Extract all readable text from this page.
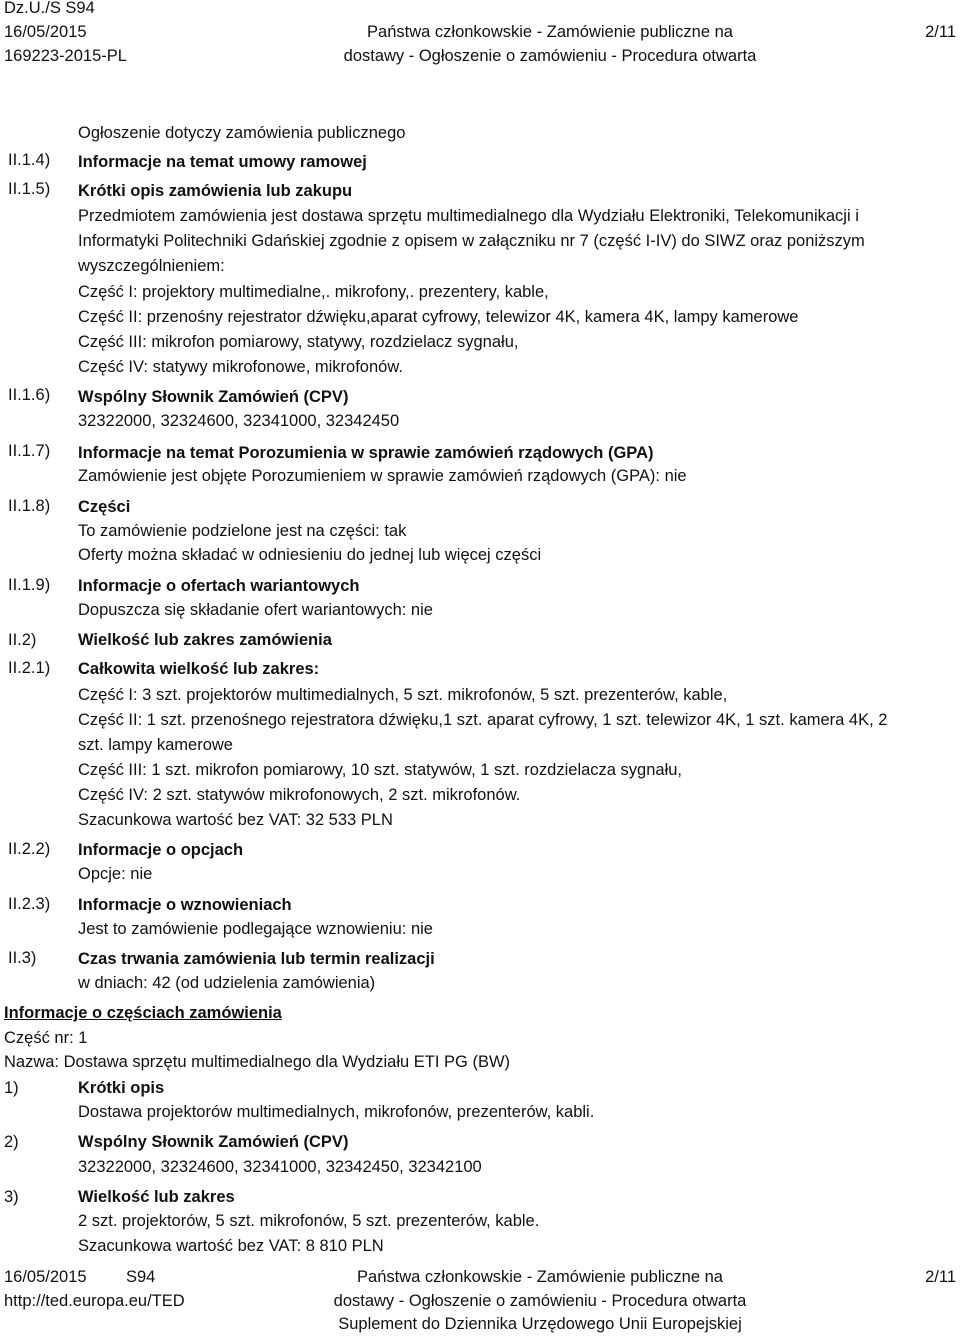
Dz.U./S S94
16/05/2015
169223-2015-PL
Państwa członkowskie - Zamówienie publiczne na
dostawy - Ogłoszenie o zamówieniu - Procedura otwarta
2/11
II.1.4)
II.1.5)
II.1.6)
II.1.7)
II.1.8)
II.1.9)
II.2)
II.2.1)
II.2.2)
II.2.3)
II.3)
Ogłoszenie dotyczy zamówienia publicznego
Informacje na temat umowy ramowej
Krótki opis zamówienia lub zakupu
Przedmiotem zamówienia jest dostawa sprzętu multimedialnego dla Wydziału Elektroniki, Telekomunikacji i
Informatyki Politechniki Gdańskiej zgodnie z opisem w załączniku nr 7 (część I-IV) do SIWZ oraz poniższym
wyszczególnieniem:
Część I: projektory multimedialne,. mikrofony,. prezentery, kable,
Część II: przenośny rejestrator dźwięku,aparat cyfrowy, telewizor 4K, kamera 4K, lampy kamerowe
Część III: mikrofon pomiarowy, statywy, rozdzielacz sygnału,
Część IV: statywy mikrofonowe, mikrofonów.
Wspólny Słownik Zamówień (CPV)
32322000, 32324600, 32341000, 32342450
Informacje na temat Porozumienia w sprawie zamówień rządowych (GPA)
Zamówienie jest objęte Porozumieniem w sprawie zamówień rządowych (GPA): nie
Części
To zamówienie podzielone jest na części: tak
Oferty można składać w odniesieniu do jednej lub więcej części
Informacje o ofertach wariantowych
Dopuszcza się składanie ofert wariantowych: nie
Wielkość lub zakres zamówienia
Całkowita wielkość lub zakres:
Część I: 3 szt. projektorów multimedialnych, 5 szt. mikrofonów, 5 szt. prezenterów, kable,
Część II: 1 szt. przenośnego rejestratora dźwięku,1 szt. aparat cyfrowy, 1 szt. telewizor 4K, 1 szt. kamera 4K, 2
szt. lampy kamerowe
Część III: 1 szt. mikrofon pomiarowy, 10 szt. statywów, 1 szt. rozdzielacza sygnału,
Część IV: 2 szt. statywów mikrofonowych, 2 szt. mikrofonów.
Szacunkowa wartość bez VAT: 32 533 PLN
Informacje o opcjach
Opcje: nie
Informacje o wznowieniach
Jest to zamówienie podlegające wznowieniu: nie
Czas trwania zamówienia lub termin realizacji
w dniach: 42 (od udzielenia zamówienia)
Informacje o częściach zamówienia
Część nr: 1
Nazwa: Dostawa sprzętu multimedialnego dla Wydziału ETI PG (BW)
1)	Krótki opis
Dostawa projektorów multimedialnych, mikrofonów, prezenterów, kabli.
2)	Wspólny Słownik Zamówień (CPV)
32322000, 32324600, 32341000, 32342450, 32342100
3)	Wielkość lub zakres
2 szt. projektorów, 5 szt. mikrofonów, 5 szt. prezenterów, kable.
Szacunkowa wartość bez VAT: 8 810 PLN
16/05/2015 S94
http://ted.europa.eu/TED
Państwa członkowskie - Zamówienie publiczne na
dostawy - Ogłoszenie o zamówieniu - Procedura otwarta
Suplement do Dziennika Urzędowego Unii Europejskiej
2/11
